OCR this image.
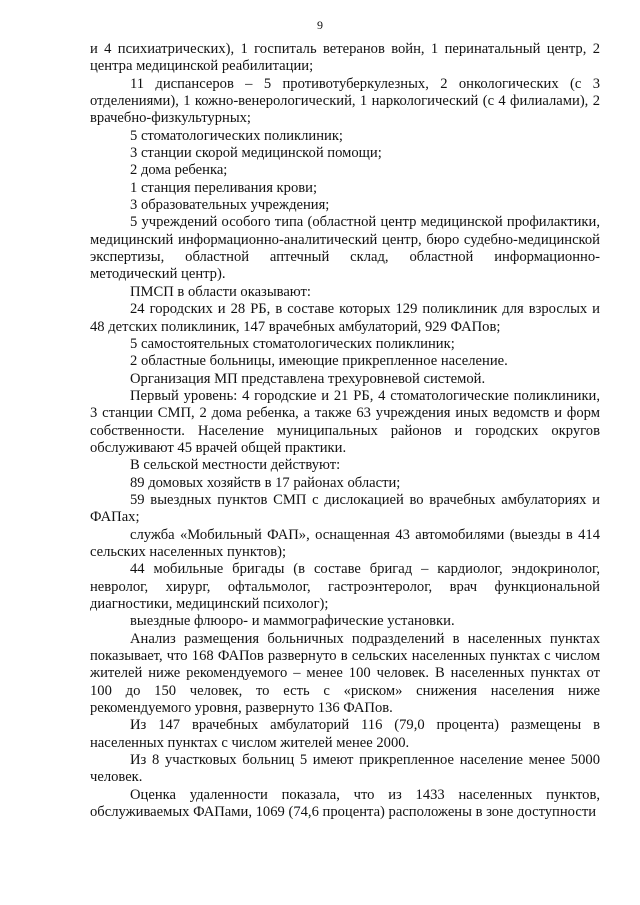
9

и 4 психиатрических), 1 госпиталь ветеранов войн, 1 перинатальный центр, 2 центра медицинской реабилитации;

11 диспансеров – 5 противотуберкулезных, 2 онкологических (с 3 отделениями), 1 кожно-венерологический, 1 наркологический (с 4 филиалами), 2 врачебно-физкультурных;

5 стоматологических поликлиник;

3 станции скорой медицинской помощи;

2 дома ребенка;

1 станция переливания крови;

3 образовательных учреждения;

5 учреждений особого типа (областной центр медицинской профилактики, медицинский информационно-аналитический центр, бюро судебно-медицинской экспертизы, областной аптечный склад, областной информационно-методический центр).

ПМСП в области оказывают:

24 городских и 28 РБ, в составе которых 129 поликлиник для взрослых и 48 детских поликлиник, 147 врачебных амбулаторий, 929 ФАПов;

5 самостоятельных стоматологических поликлиник;

2 областные больницы, имеющие прикрепленное население.

Организация МП представлена трехуровневой системой.

Первый уровень: 4 городские и 21 РБ, 4 стоматологические поликлиники, 3 станции СМП, 2 дома ребенка, а также 63 учреждения иных ведомств и форм собственности. Население муниципальных районов и городских округов обслуживают 45 врачей общей практики.

В сельской местности действуют:

89 домовых хозяйств в 17 районах области;

59 выездных пунктов СМП с дислокацией во врачебных амбулаториях и ФАПах;

служба «Мобильный ФАП», оснащенная 43 автомобилями (выезды в 414 сельских населенных пунктов);

44 мобильные бригады (в составе бригад – кардиолог, эндокринолог, невролог, хирург, офтальмолог, гастроэнтеролог, врач функциональной диагностики, медицинский психолог);

выездные флюоро- и маммографические установки.

Анализ размещения больничных подразделений в населенных пунктах показывает, что 168 ФАПов развернуто в сельских населенных пунктах с числом жителей ниже рекомендуемого – менее 100 человек. В населенных пунктах от 100 до 150 человек, то есть с «риском» снижения населения ниже рекомендуемого уровня, развернуто 136 ФАПов.

Из 147 врачебных амбулаторий 116 (79,0 процента) размещены в населенных пунктах с числом жителей менее 2000.

Из 8 участковых больниц 5 имеют прикрепленное население менее 5000 человек.

Оценка удаленности показала, что из 1433 населенных пунктов, обслуживаемых ФАПами, 1069 (74,6 процента) расположены в зоне доступности
